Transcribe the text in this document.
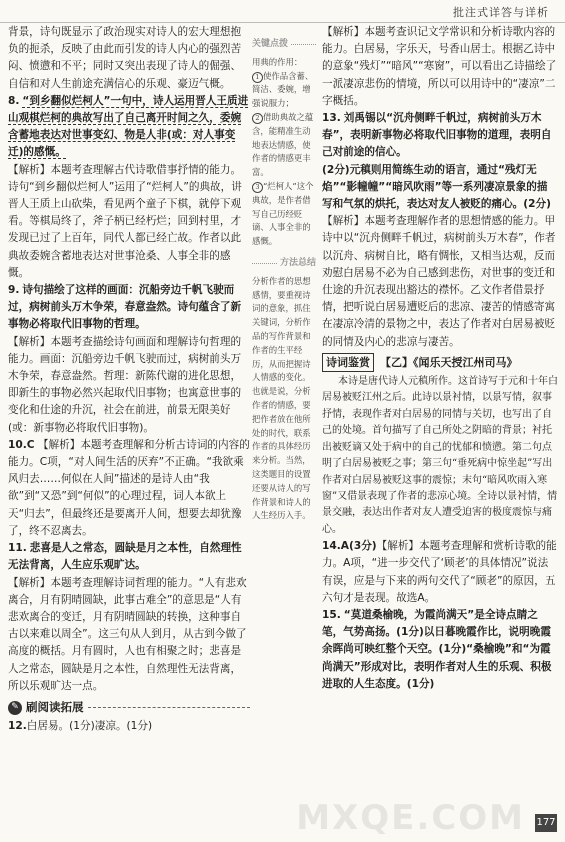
批注式详答与详析

背景，诗句既显示了政治现实对诗人的宏大理想抱负的扼杀，反映了由此而引发的诗人内心的强烈苦闷、愤懑和不平；同时又突出表现了诗人的倔强、自信和对人生前途充满信心的乐观、豪迈气概。

8. “到乡翻似烂柯人”一句中，诗人运用晋人王质进山观棋烂柯的典故写出了自己离开时间之久，委婉含蓄地表达对世事变幻、物是人非(或：对人事变迁)的感慨。

【解析】本题考查理解古代诗歌借事抒情的能力。诗句“到乡翻似烂柯人”运用了“烂柯人”的典故，讲晋人王质上山砍柴，看见两个童子下棋，就停下观看。等棋局终了，斧子柄已经朽烂；回到村里，才发现已过了上百年，同代人都已经亡故。作者以此典故委婉含蓄地表达对世事沧桑、人事全非的感慨。

9. 诗句描绘了这样的画面：沉船旁边千帆飞驶而过，病树前头万木争荣，春意盎然。诗句蕴含了新事物必将取代旧事物的哲理。

【解析】本题考查描绘诗句画面和理解诗句哲理的能力。画面：沉船旁边千帆飞驶而过，病树前头万木争荣，春意盎然。哲理：新陈代谢的进化思想，即新生的事物必然兴起取代旧事物；也寓意世事的变化和仕途的升沉，社会在前进，前景无限美好(或：新事物必将取代旧事物)。

10.C 【解析】本题考查理解和分析古诗词的内容的能力。C项，“对人间生活的厌弃”不正确。“我欲乘风归去……何似在人间”描述的是诗人由“我欲”到“又恐”到“何似”的心理过程，词人本欲上天“归去”，但最终还是要离开人间，想要去却犹豫了，终不忍离去。

11. 悲喜是人之常态，圆缺是月之本性，自然理性无法背离，人生应乐观旷达。

【解析】本题考查理解诗词哲理的能力。“人有悲欢离合，月有阴晴圆缺，此事古难全”的意思是“人有悲欢离合的变迁，月有阴晴圆缺的转换，这种事自古以来难以周全”。这三句从人到月，从古到今做了高度的概括。月有圆时，人也有相聚之时；悲喜是人之常态，圆缺是月之本性，自然理性无法背离，所以乐观旷达一点。

✎ 刷阅读拓展

12.白居易。(1分)凄凉。(1分)

关键点拨

用典的作用：

1 使作品含蓄、简洁、委婉，增强说服力；

2 借助典故之蕴含，能精准生动地表达情感，使作者的情感更丰富。

3 “烂柯人”这个典故，是作者借写自己历经贬谪、人事全非的感慨。

方法总结

分析作者的思想感情，要重视诗词的意象，抓住关键词，分析作品的写作背景和作者的生平经历，从而把握诗人情感的变化。也就是说，分析作者的情感，要把作者放在他所处的时代，联系作者的具体经历来分析。当然，这类题目的设置还要从诗人的写作背景和诗人的人生经历入手。

【解析】本题考查识记文学常识和分析诗歌内容的能力。白居易，字乐天，号香山居士。根据乙诗中的意象“残灯”“暗风”“寒窗”，可以看出乙诗描绘了一派凄凉悲伤的情境，所以可以用诗中的“凄凉”二字概括。

13. 刘禹锡以“沉舟侧畔千帆过，病树前头万木春”，表明新事物必将取代旧事物的道理，表明自己对前途的信心。

(2分)元稹则用简练生动的语言，通过“残灯无焰”“影幢幢”“暗风吹雨”等一系列凄凉景象的描写和气氛的烘托，表达对友人被贬的痛心。(2分)

【解析】本题考查理解作者的思想情感的能力。甲诗中以“沉舟侧畔千帆过，病树前头万木春”，作者以沉舟、病树自比，略有惆怅，又相当达观，反而劝慰白居易不必为自己感到悲伤，对世事的变迁和仕途的升沉表现出豁达的襟怀。乙文作者借景抒情，把听说白居易遭贬后的悲凉、凄苦的情感寄寓在凄凉冷清的景物之中，表达了作者对白居易被贬的同情及内心的悲凉与凄苦。

诗词鉴赏 【乙】《闻乐天授江州司马》

本诗是唐代诗人元稹所作。这首诗写于元和十年白居易被贬江州之后。此诗以景衬情，以景写情，叙事抒情，表现作者对白居易的同情与关切，也写出了自己的处境。首句描写了自己所处之阴暗的背景；衬托出被贬谪又处于病中的自己的忧郁和愤懑。第二句点明了白居易被贬之事；第三句“垂死病中惊坐起”写出作者对白居易被贬这事的震惊；末句“暗风吹雨入寒窗”又借景表现了作者的悲凉心境。全诗以景衬情，情景交融，表达出作者对友人遭受迫害的极度震惊与痛心。

14.A(3分)【解析】本题考查理解和赏析诗歌的能力。A项，“进一步交代了‘顾老’的具体情况”说法有误，应是与下来的两句交代了“顾老”的原因，五六句才是表现。故选A。

15. “莫道桑榆晚，为霞尚满天”是全诗点睛之笔，气势高扬。(1分)以日暮晚霞作比，说明晚霞余晖尚可映红整个天空。(1分)“桑榆晚”和“为霞尚满天”形成对比，表明作者对人生的乐观、积极进取的人生态度。(1分)

MXQE.COM 177
